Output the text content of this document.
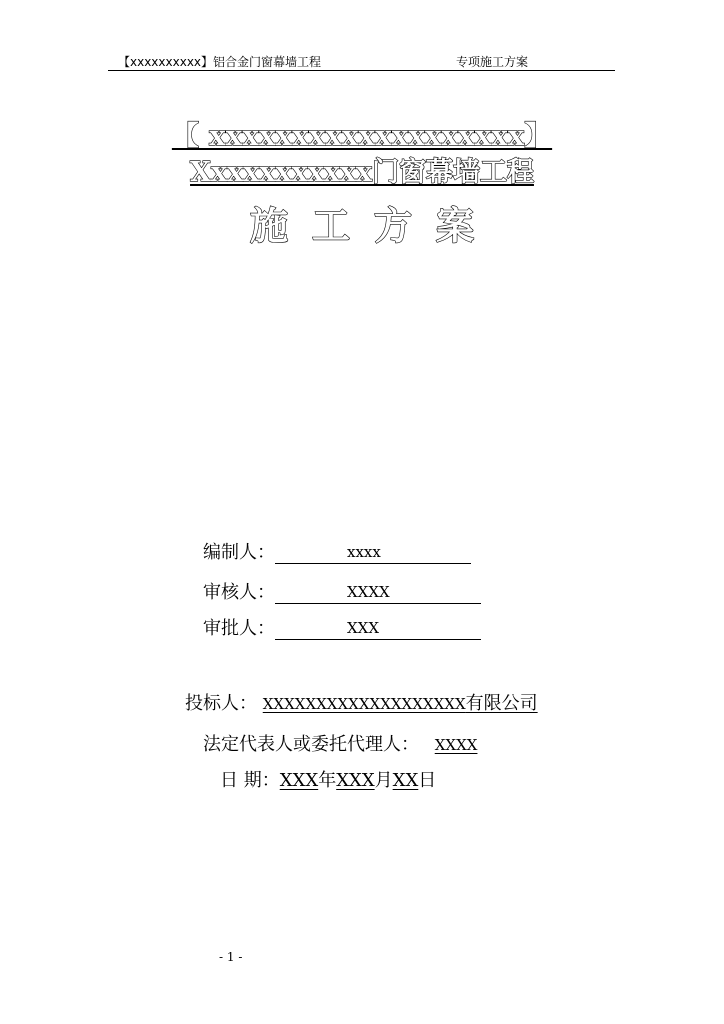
【xxxxxxxxxx】铝合金门窗幕墙工程	专项施工方案
【 xxxxxxxxxxxxxxxxxxx】
Xxxxxxxxxxx门窗幕墙工程
施工方案
编制人：	xxxx
审核人：	XXXX
审批人：	XXX
投标人： XXXXXXXXXXXXXXXXXXX有限公司
法定代表人或委托代理人： XXXX
日 期：XXX年XXX月XX日
- 1 -
